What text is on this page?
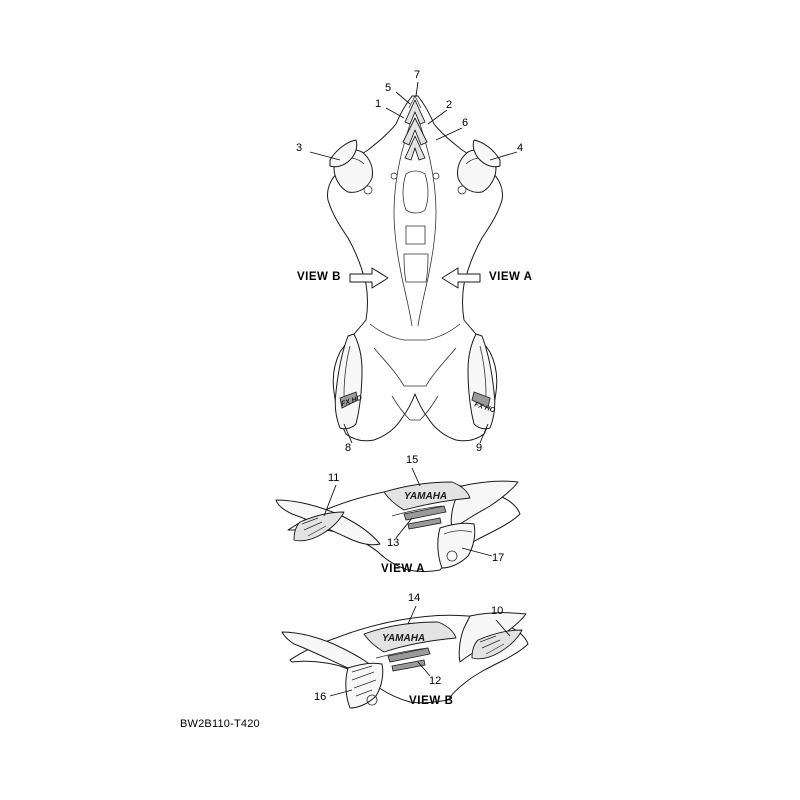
FX HO	FX HO
YAMAHA
YAMAHA
1	2
3	4
5
6
7
8	9
10
11
12
13
14
15
16
17
VIEW B	VIEW A
VIEW A
VIEW B
BW2B110-T420
